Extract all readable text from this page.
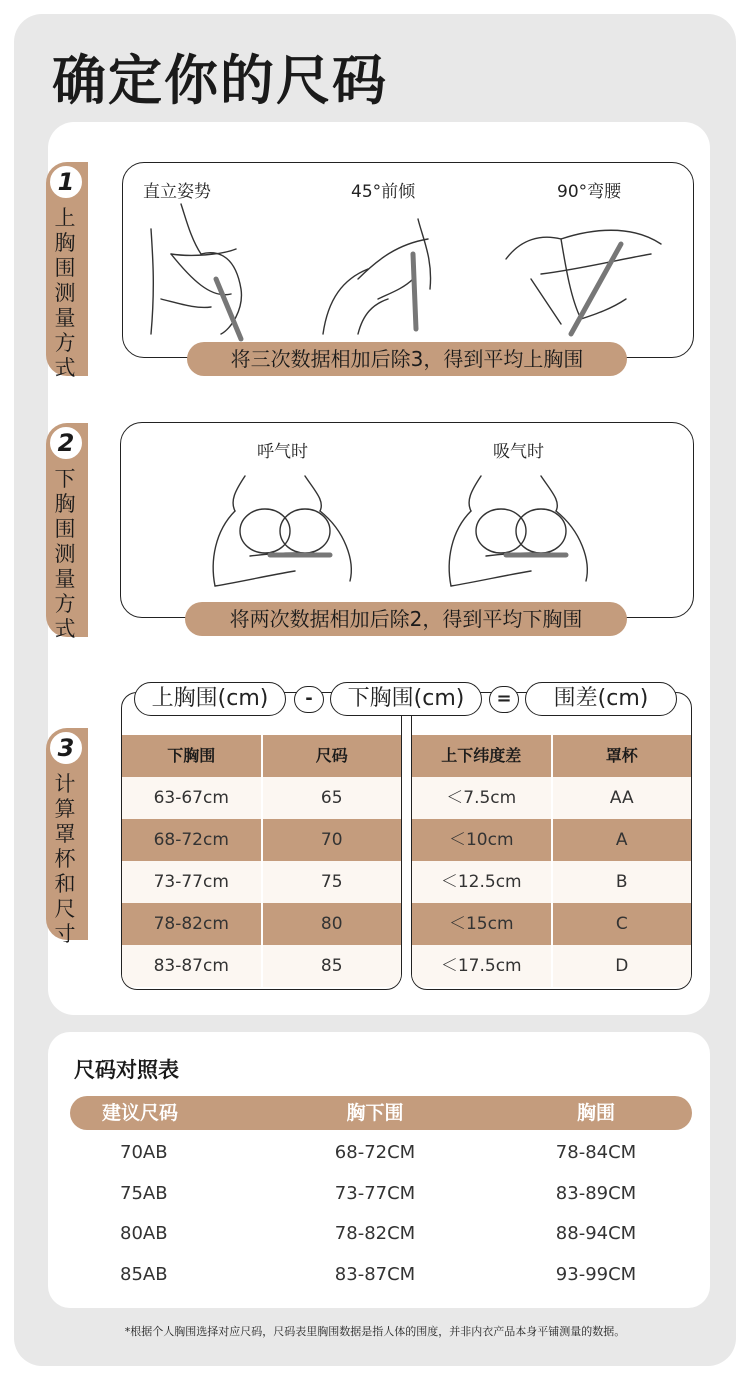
确定你的尺码
1
上胸围测量方式
直立姿势	45°前倾	90°弯腰
将三次数据相加后除3，得到平均上胸围
2
下胸围测量方式
呼气时	吸气时
将两次数据相加后除2，得到平均下胸围
3
计算罩杯和尺寸
下胸围	尺码
63-67cm	65
68-72cm	70
73-77cm	75
78-82cm	80
83-87cm	85
上下纬度差	罩杯
＜7.5cm	AA
＜10cm	A
＜12.5cm	B
＜15cm	C
＜17.5cm	D
上胸围(cm)	-	下胸围(cm)	=	围差(cm)
尺码对照表
建议尺码	胸下围	胸围
70AB	68-72CM	78-84CM
75AB	73-77CM	83-89CM
80AB	78-82CM	88-94CM
85AB	83-87CM	93-99CM
*根据个人胸围选择对应尺码，尺码表里胸围数据是指人体的围度，并非内衣产品本身平铺测量的数据。
